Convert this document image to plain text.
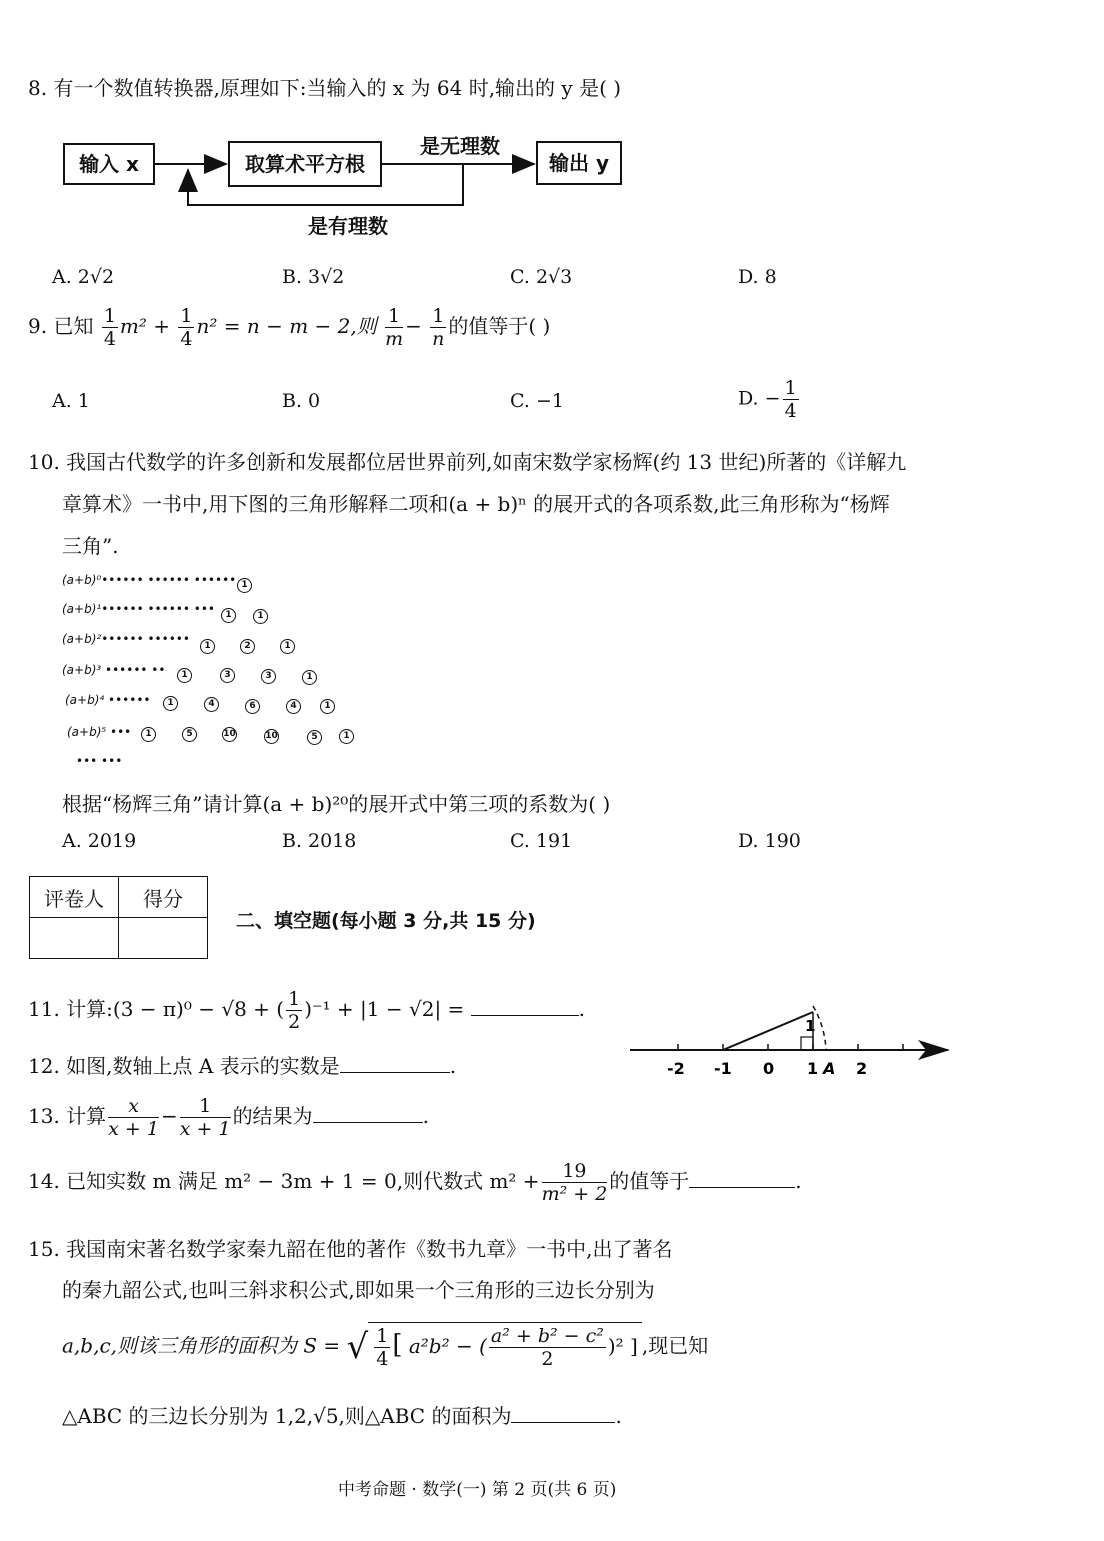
8. 有一个数值转换器,原理如下:当输入的 x 为 64 时,输出的 y 是( )
输入 x	取算术平方根	输出 y
是无理数
是有理数
A. 2√2	B. 3√2	C. 2√3	D. 8
9. 已知 $\frac{1}{4} m^2 + \frac{1}{4} n^2 = n - m - 2$,则 $\frac{1}{m} - \frac{1}{n}$ 的值等于( )
A. 1	B. 0	C. −1	D. − $\frac{1}{4}$
10. 我国古代数学的许多创新和发展都位居世界前列,如南宋数学家杨辉(约 13 世纪)所著的《详解九
章算术》一书中,用下图的三角形解释二项和(a + b)ⁿ 的展开式的各项系数,此三角形称为“杨辉
三角”.
(a+b)⁰•••••• •••••• ••••••
(a+b)¹•••••• •••••• •••
(a+b)²•••••• ••••••
(a+b)³ •••••• ••
(a+b)⁴ ••••••
(a+b)⁵ •••
••• •••
1
1	1
1	2	1
1	3	3	1
1	4	6	4	1
1	5	10	10	5	1
根据“杨辉三角”请计算(a + b)²⁰的展开式中第三项的系数为( )
A. 2019	B. 2018	C. 191	D. 190
评卷人	得分

二、填空题(每小题 3 分,共 15 分)
11. 计算:(3 − π)⁰ − √8 + ( $\frac{1}{2} )^{-1} + |1 - √2|$ =	.
12. 如图,数轴上点 A 表示的实数是	.
1
-2 -1 0 1 A 2
13. 计算 $\frac{x}{x + 1} - \frac{1}{x + 1}$ 的结果为	.
14. 已知实数 m 满足 m² − 3m + 1 = 0,则代数式 $m^2 + \frac{19}{\text{m² + 2}}$ 的值等于	.
15. 我国南宋著名数学家秦九韶在他的著作《数书九章》一书中,出了著名
的秦九韶公式,也叫三斜求积公式,即如果一个三角形的三边长分别为
a,b,c,则该三角形的面积为 S = √ $\frac{1}{4}$ [ a²b² − ( $\frac{\text{a² + b² − c²}}{2} )^2$ ] ,现已知
△ABC 的三边长分别为 1,2,√5,则△ABC 的面积为	.
中考命题 · 数学(一) 第 2 页(共 6 页)
